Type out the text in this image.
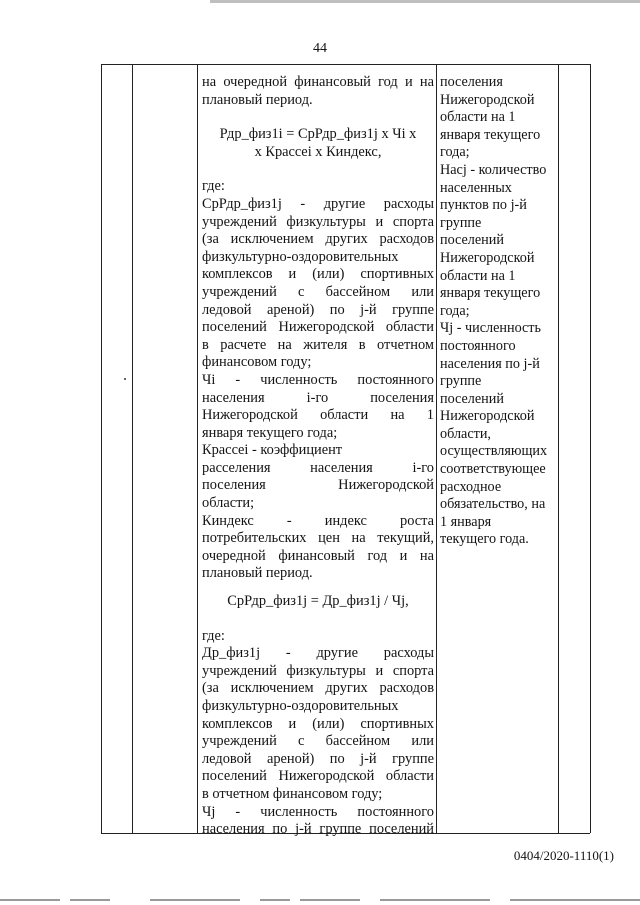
44

на очередной финансовый год и на

плановый период.

Рдр_физ1i = СрРдр_физ1j х Чi х

х Кpaccеi х Киндекс,

где:

СрРдр_физ1j - другие расходы

учреждений физкультуры и спорта

(за исключением других расходов

физкультурно-оздоровительных

комплексов и (или) спортивных

учреждений с бассейном или

ледовой ареной) по j-й группе

поселений Нижегородской области

в расчете на жителя в отчетном

финансовом году;

Чi - численность постоянного

населения i-го поселения

Нижегородской области на 1

января текущего года;

Кpaccеi - коэффициент

расселения населения i-го

поселения Нижегородской

области;

Киндекс - индекс роста

потребительских цен на текущий,

очередной финансовый год и на

плановый период.

СрРдр_физ1j = Др_физ1j / Чj,

где:

Др_физ1j - другие расходы

учреждений физкультуры и спорта

(за исключением других расходов

физкультурно-оздоровительных

комплексов и (или) спортивных

учреждений с бассейном или

ледовой ареной) по j-й группе

поселений Нижегородской области

в отчетном финансовом году;

Чj - численность постоянного

населения по j-й группе поселений

поселения

Нижегородской

области на 1

января текущего

года;

Насj - количество

населенных

пунктов по j-й

группе

поселений

Нижегородской

области на 1

января текущего

года;

Чj - численность

постоянного

населения по j-й

группе

поселений

Нижегородской

области,

осуществляющих

соответствующее

расходное

обязательство, на

1 января

текущего года.

0404/2020-1110(1)
